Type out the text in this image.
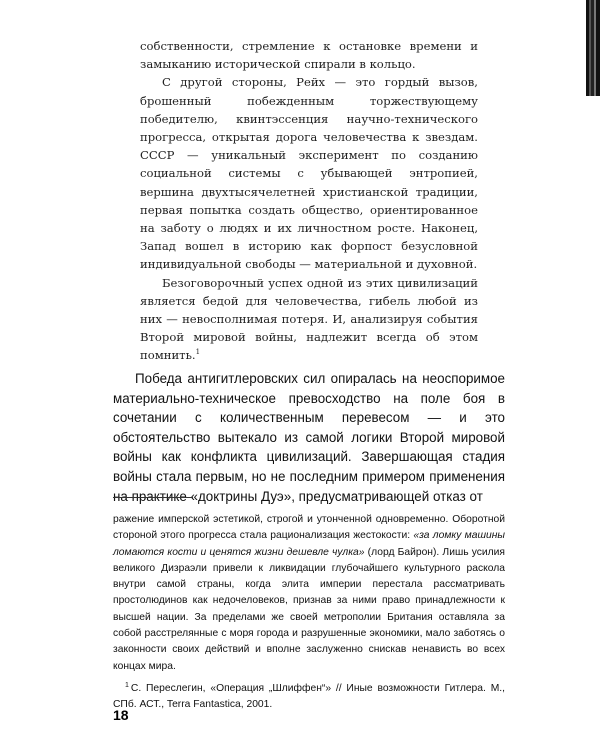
собственности, стремление к остановке времени и замыканию исторической спирали в кольцо.

С другой стороны, Рейх — это гордый вызов, брошенный побежденным торжествующему победителю, квинтэссенция научно-технического прогресса, открытая дорога человечества к звездам. СССР — уникальный эксперимент по созданию социальной системы с убывающей энтропией, вершина двухтысячелетней христианской традиции, первая попытка создать общество, ориентированное на заботу о людях и их личностном росте. Наконец, Запад вошел в историю как форпост безусловной индивидуальной свободы — материальной и духовной.

Безоговорочный успех одной из этих цивилизаций является бедой для человечества, гибель любой из них — невосполнимая потеря. И, анализируя события Второй мировой войны, надлежит всегда об этом помнить.$^1$

Победа антигитлеровских сил опиралась на неоспоримое материально-техническое превосходство на поле боя в сочетании с количественным перевесом — и это обстоятельство вытекало из самой логики Второй мировой войны как конфликта цивилизаций. Завершающая стадия войны стала первым, но не последним примером применения на практике «доктрины Дуэ», предусматривающей отказ от

ражение имперской эстетикой, строгой и утонченной одновременно. Оборотной стороной этого прогресса стала рационализация жестокости: «за ломку машины ломаются кости и ценятся жизни дешевле чулка» (лорд Байрон). Лишь усилия великого Дизраэли привели к ликвидации глубочайшего культурного раскола внутри самой страны, когда элита империи перестала рассматривать простолюдинов как недочеловеков, признав за ними право принадлежности к высшей нации. За пределами же своей метрополии Британия оставляла за собой расстрелянные с моря города и разрушенные экономики, мало заботясь о законности своих действий и вполне заслуженно снискав ненависть во всех концах мира.

$^1$ С. Переслегин, «Операция „Шлиффен“» // Иные возможности Гитлера. М., СПб. АСТ., Terra Fantastica, 2001.

18
